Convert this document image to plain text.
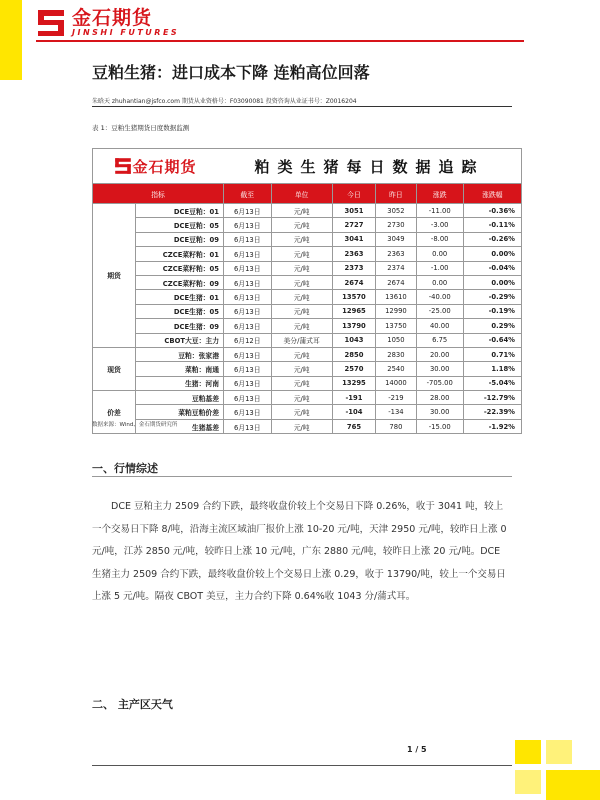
金石期货
JINSHI FUTURES
豆粕生猪：进口成本下降 连粕高位回落
朱晗天 zhuhantian@jsfco.com 期货从业资格号：F03090081 投资咨询从业证书号：Z0016204
表 1：豆粕生猪期货日度数据监测
金石期货	粕类生猪每日数据追踪
指标		截至	单位	今日	昨日	涨跌	涨跌幅
期货	DCE豆粕：01	6月13日	元/吨	3051	3052	-11.00	-0.36%
	DCE豆粕：05	6月13日	元/吨	2727	2730	-3.00	-0.11%
	DCE豆粕：09	6月13日	元/吨	3041	3049	-8.00	-0.26%
	CZCE菜籽粕：01	6月13日	元/吨	2363	2363	0.00	0.00%
	CZCE菜籽粕：05	6月13日	元/吨	2373	2374	-1.00	-0.04%
	CZCE菜籽粕：09	6月13日	元/吨	2674	2674	0.00	0.00%
	DCE生猪：01	6月13日	元/吨	13570	13610	-40.00	-0.29%
	DCE生猪：05	6月13日	元/吨	12965	12990	-25.00	-0.19%
	DCE生猪：09	6月13日	元/吨	13790	13750	40.00	0.29%
	CBOT大豆：主力	6月12日	美分/蒲式耳	1043	1050	6.75	-0.64%
现货	豆粕：张家港	6月13日	元/吨	2850	2830	20.00	0.71%
	菜粕：南通	6月13日	元/吨	2570	2540	30.00	1.18%
	生猪：河南	6月13日	元/吨	13295	14000	-705.00	-5.04%
价差	豆粕基差	6月13日	元/吨	-191	-219	28.00	-12.79%
	菜粕豆粕价差	6月13日	元/吨	-104	-134	30.00	-22.39%
	生猪基差	6月13日	元/吨	765	780	-15.00	-1.92%
数据来源：Wind、金石期货研究所
一、行情综述
DCE 豆粕主力 2509 合约下跌，最终收盘价较上个交易日下降 0.26%，收于 3041 吨，较上一个交易日下降 8/吨，沿海主流区域油厂报价上涨 10-20 元/吨，天津 2950 元/吨，较昨日上涨 0 元/吨，江苏 2850 元/吨，较昨日上涨 10 元/吨，广东 2880 元/吨，较昨日上涨 20 元/吨。DCE 生猪主力 2509 合约下跌，最终收盘价较上个交易日上涨 0.29，收于 13790/吨，较上一个交易日上涨 5 元/吨。隔夜 CBOT 美豆，主力合约下降 0.64%收 1043 分/蒲式耳。
二、 主产区天气
1 / 5
